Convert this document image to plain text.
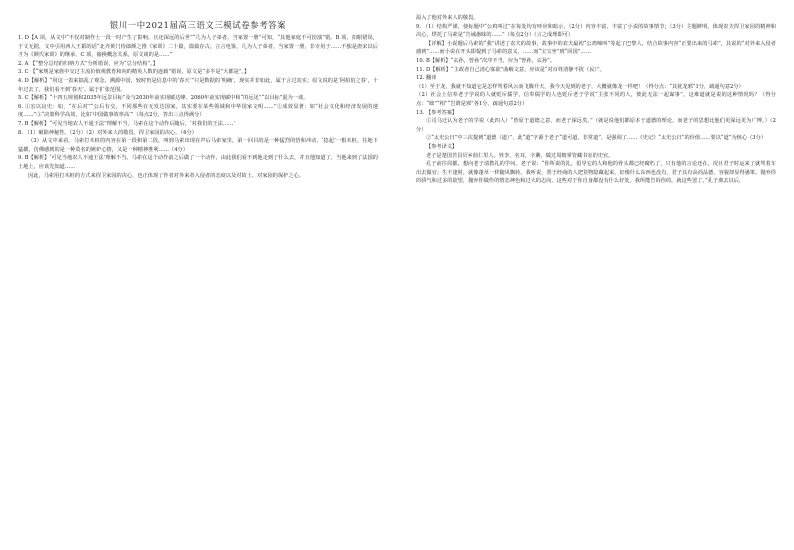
银川一中2021届高三语文三模试卷参考答案

1. D【A 项，从文中“不仅对制作士一段一时产生了影响，且还深远的后世”“几为人子弟者，当家置一册”可知，“其他家庭不可扮演”错。B 项，扣眼错误，于文无据，文中引用西人王韬的话“北齐黄门侍郎颜之推《家训》二十篇，篇篇存古，言言电鉴，几为人子弟者，当家置一册，非专用于……不独是唐宋以后才为《颜氏家训》的继承。C 项，偷换概念关系，原文谈的是……”

2. A 【“整分总结的归纳方式”分析错误，应为“总分结构”。】

3. C 【“家规是家族中交过主流价值观教育和向的精英人数的连载”错误，原文是“多半是”大都是”。】

4. D【解析】“用这一表来搞乱了观念，溯源中国，较时仍是信息中的‘春天’”只是数据的‘明确’，现实并非如此，属于言过其实；原文说的是‘阿拍伯之春’，十年过去了，我们看不到‘春天’。属于扩张范围。

5. C【解析】“十四五规划和2035年远景目标”及与2030年前实现碳达峰、2060年前实现碳中和“的远见”“以目标”混为一谈。

6. ①宏以良史：如，“在后对”“公后有交，不同那些在无发达国家，其实要在某些领域和中华国家文明……”②成效显著：如“社会文化和经济发展的速度……”③“决策科学高效，比如‘中国做事效率高’”（每点2分，答出三点得满分）

7. B【解析】“可见当地农人不通王法”理解不当。马索在这个动作后随后，‘对我们的王法……’

8. （1）破除神秘性。（2分）（2）对外来人的敬畏，捍卫家园的决心。（4分）

（3）从文中来看，马索打木桩的内容在第一段和第二段，叫到马索出现在声后马索家里，第一回目的是一种猛烈的悟和冲动，‘捻起’一根木桩，往地下猛插，仿佛感到的是一种莫名的嫉妒心情，又是一种精神胜利……（4分）

9. B【解析】‘可见当地农人不通王法’理解不当。马索在这个动作前之后做了一个动作，由此我们看不到他走到了什么去，并且他知道了，当他来到了法国的土地上，应该先知道……

因此，马索用打木桩的方式来捍卫家园的决心，也正体现了作者对外来者入侵者的态度以及对故土、对家园的保护之心。

温入了他对外来人的敬畏。

9. （1）结构严谨，使标题中“公鸡叫过”在每处均有呼应和暗示，（2分）内容丰富，丰富了小说的故事情节；（3分）主题鲜明，体现农夫捍卫家园的精神和决心，烘托了马索是“告诫愚昧的……”（每点2分）（言之成理即可）

【详解】小说题后马索的“我”讲述了农夫的故事，故事中的农夫最初“公鸡啼叫”等起了巴黎人，结合故事内容“正要出来的马索”，其说的“对外来入侵者感到”……而小说在开头即提到了马索的意义，……而“宝宝坐”到“回国”……

10. B【解析】“玄孙，曾孙”次序不当，应为“曾孙，玄孙”。

11. D【解析】“主政者自己清心寡欲”曲解文意。应该是“对百姓清静不扰（民）”。

12. 翻译

（1）至于龙，我就不知道它是怎样驾着风云而飞腾升天，我今天见到的老子，大概就像龙一样吧！（得分点：“其犹龙邪”1分，疏通句意2分）

（2）社会上信奉老子学说的人就贬斥儒学，信奉儒学的人也贬斥老子学说“主张不同的人，彼此无法一起谋事”，这难道就是说的这种情况吗？（得分点：“绌”“相”“岂谓是邪”各1分，疏通句意2分）

13. 【参考答案】

①司马迁认为老子的学说（此四人）“皆原于道德之意，而老子深远矣。”（就是说他们都原本于道德的理论，而老子的思想比他们更深远更为广博。）（2分）

②“太史公曰”中三次提到“道德（道）”，此“道”字源于老子“道可道，非常道”，是强调了……《史记》“太史公曰”的价值……要以“道”为核心（3分）

【参考译文】

老子是楚国苦县厉乡曲仁里人。姓李，名耳，字聃，做过周朝掌管藏书室的史官。

孔子前往周都，想向老子请教礼的学问。老子说：“你所说的礼，倡导它的人和他的骨头都已经腐朽了，只有他的言论还在。况且君子时运来了就驾着车出去做官；生不逢时，就像蓬草一样随风飘转。我听说，善于经商的人把货物隐藏起来，好像什么东西也没有，君子具有高尚品德，容貌却显得愚笨。抛弃你的骄气和过多的欲望，抛弃你做作的情态神色和过大的志向，这些对于你自身都没有什么好处。我所能告诉你的，就这些罢了。”孔子离去以后，
